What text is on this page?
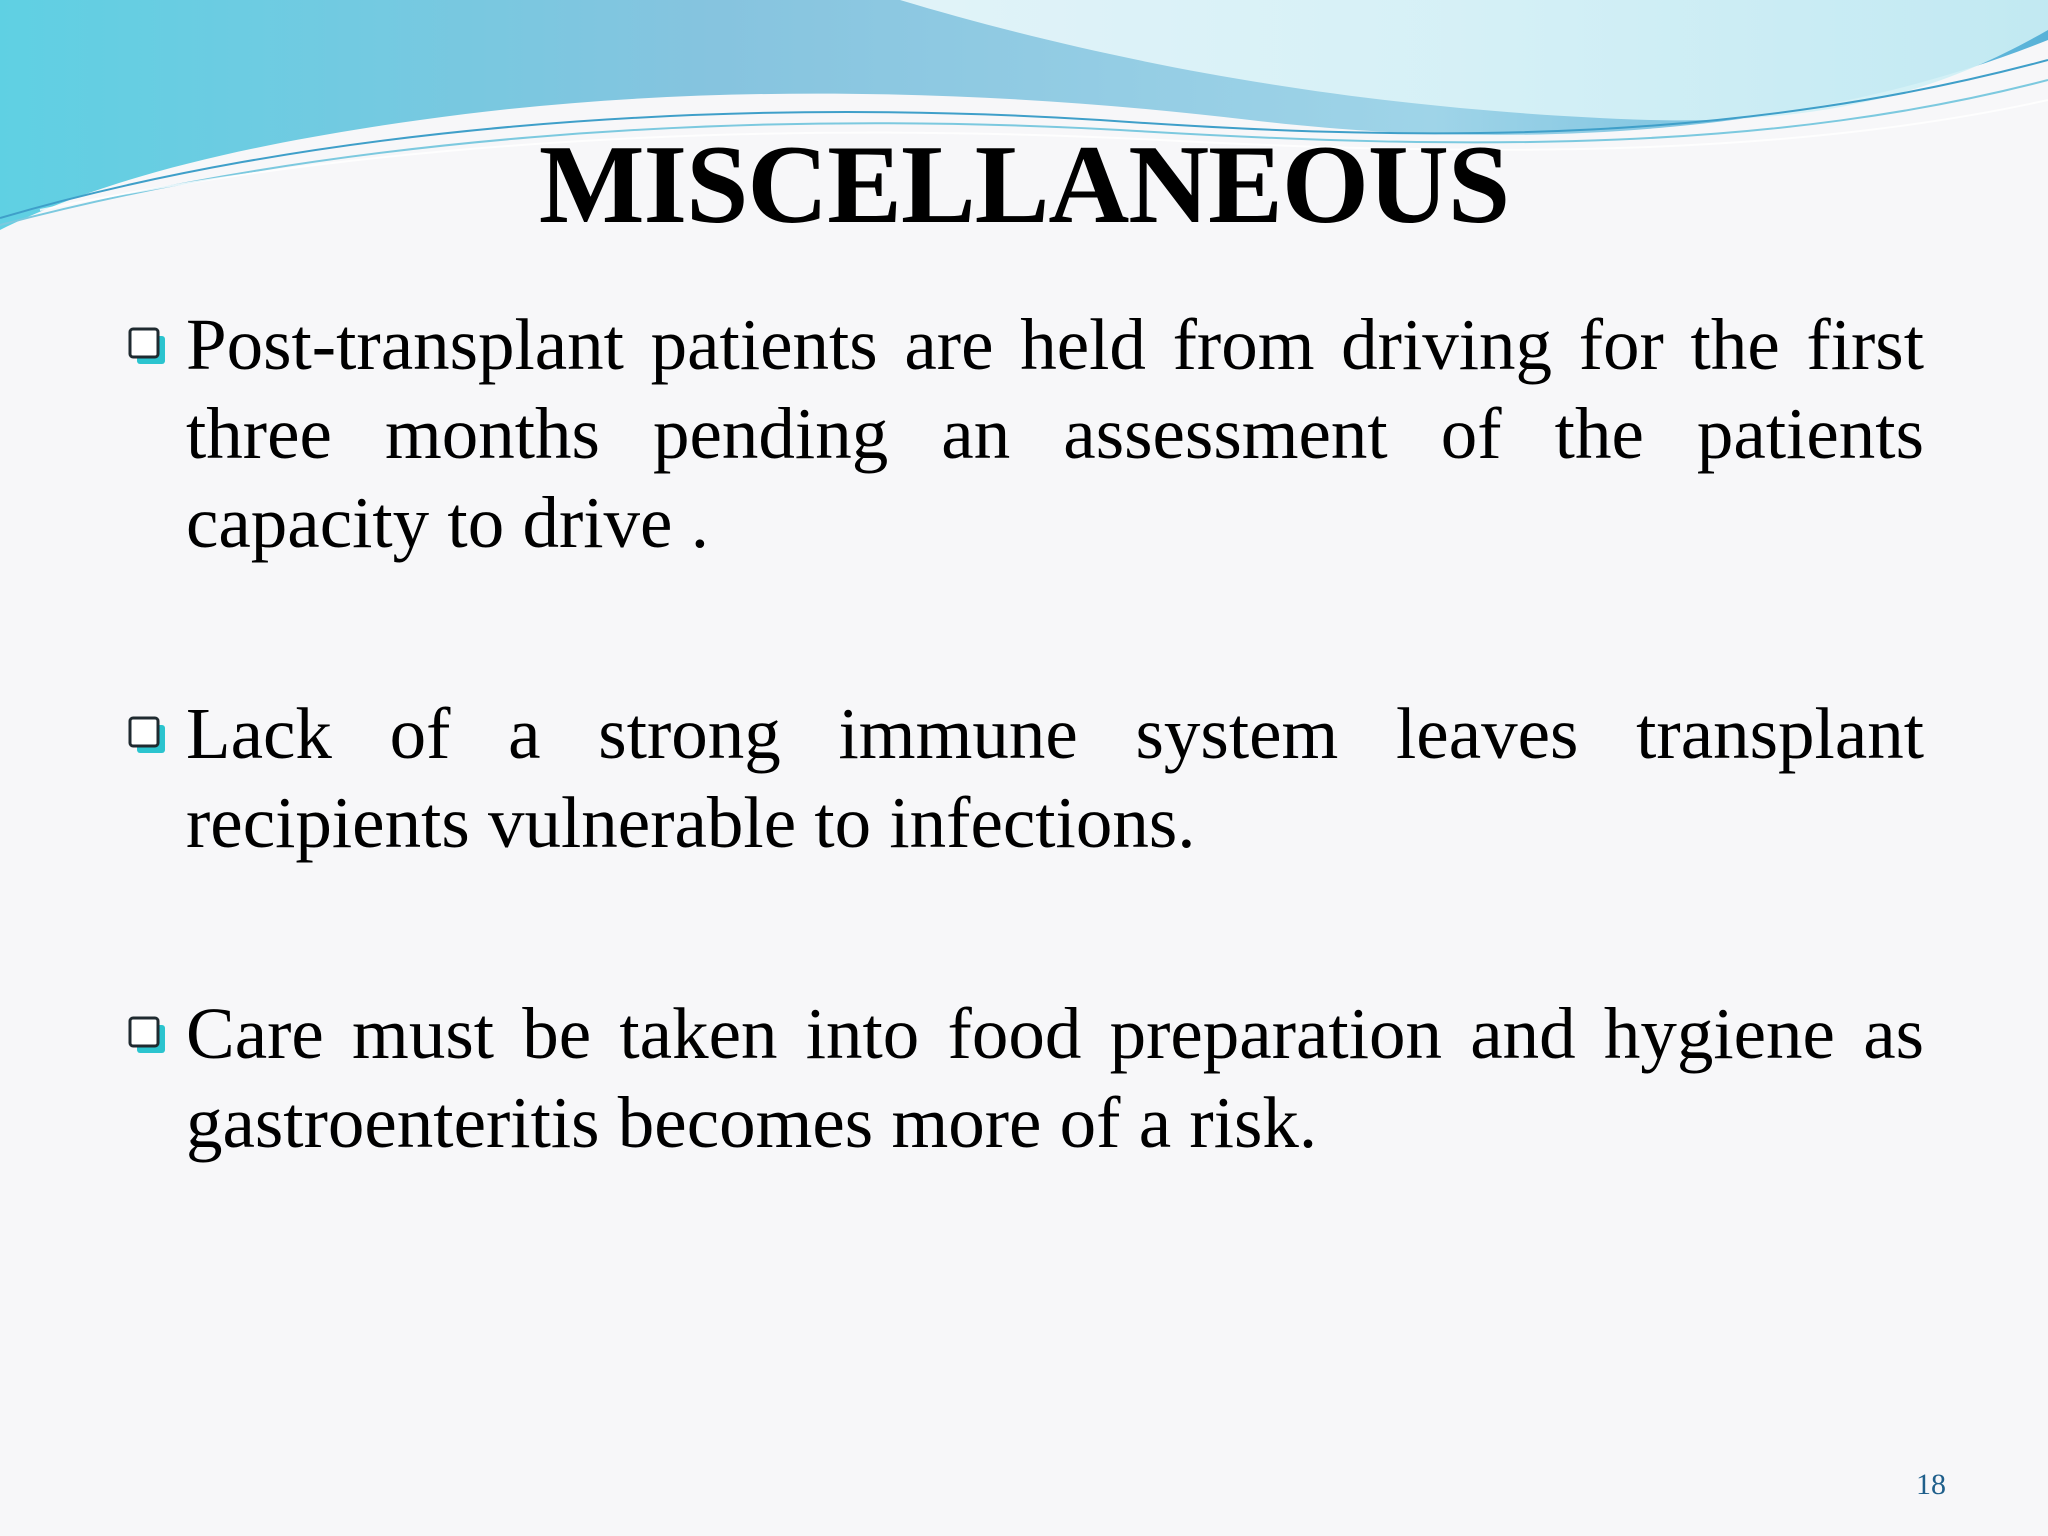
MISCELLANEOUS
Post-transplant patients are held from driving for the first three months pending an assessment of the patients capacity to drive .
Lack of a strong immune system leaves transplant recipients vulnerable to infections.
Care must be taken into food preparation and hygiene as gastroenteritis becomes more of a risk.
18
